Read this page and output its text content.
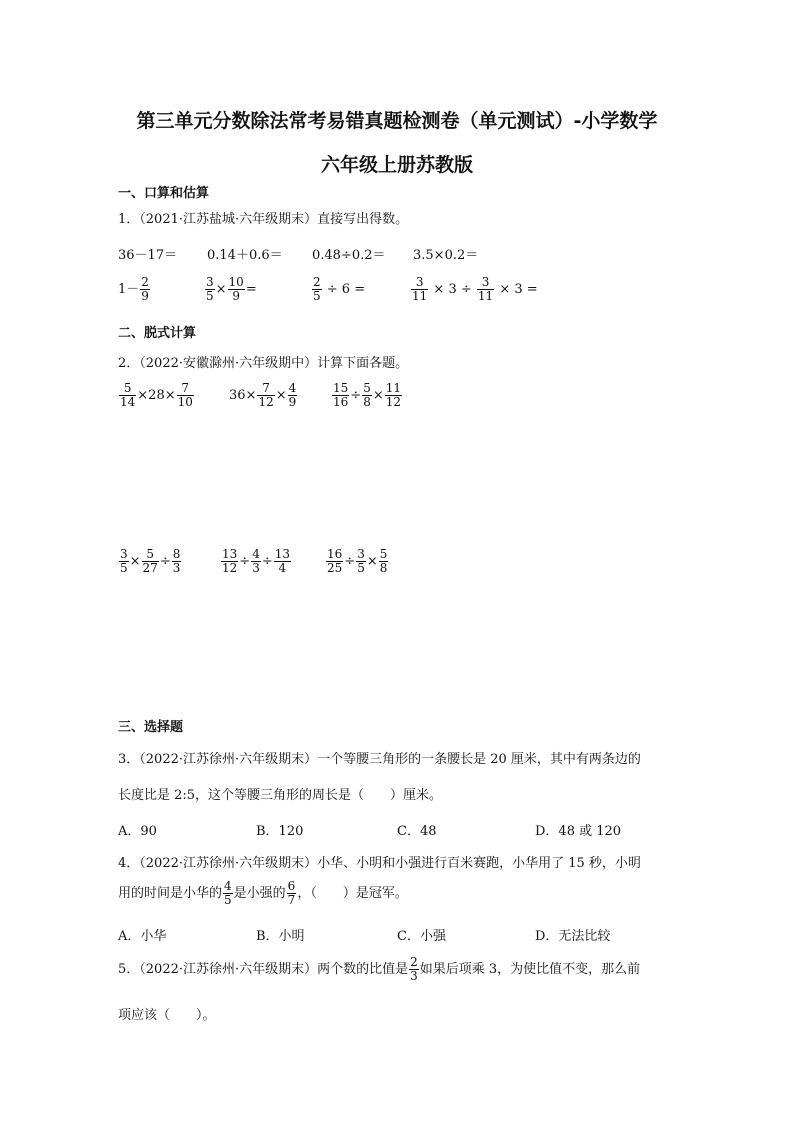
第三单元分数除法常考易错真题检测卷（单元测试）-小学数学
六年级上册苏教版
一、口算和估算
1．（2021·江苏盐城·六年级期末）直接写出得数。
36－17＝ 0.14＋0.6＝ 0.48÷0.2＝ 3.5×0.2＝
$1- \frac{2}{9}$	$\frac{3}{5} \times \frac{10}{9}$ =	$\frac{2}{5} \div 6$ =	$\frac{3}{11} \times 3 \div \frac{3}{11} \times 3$ =
二、脱式计算
2．（2022·安徽滁州·六年级期中）计算下面各题。
$\frac{5}{14} \times 28\times \frac{7}{10}$	$36\times \frac{7}{12} \times \frac{4}{9}$	$\frac{15}{16} \div \frac{5}{8} \times \frac{11}{12}$
$\frac{3}{5} \times \frac{5}{27} \div \frac{8}{3}$	$\frac{13}{12} \div \frac{4}{3} \div \frac{13}{4}$	$\frac{16}{25} \div \frac{3}{5} \times \frac{5}{8}$
三、选择题
3．（2022·江苏徐州·六年级期末）一个等腰三角形的一条腰长是 20 厘米，其中有两条边的
长度比是 2:5，这个等腰三角形的周长是（　　）厘米。
A．90	B．120	C．48	D．48 或 120
4．（2022·江苏徐州·六年级期末）小华、小明和小强进行百米赛跑，小华用了 15 秒，小明
用的时间是小华的 $\frac{4}{5}$ 是小强的 $\frac{6}{7}$ ，（　　）是冠军。
A．小华	B．小明	C．小强	D．无法比较
5．（2022·江苏徐州·六年级期末）两个数的比值是 $\frac{2}{3}$ 如果后项乘 3，为使比值不变，那么前
项应该（　　）。
